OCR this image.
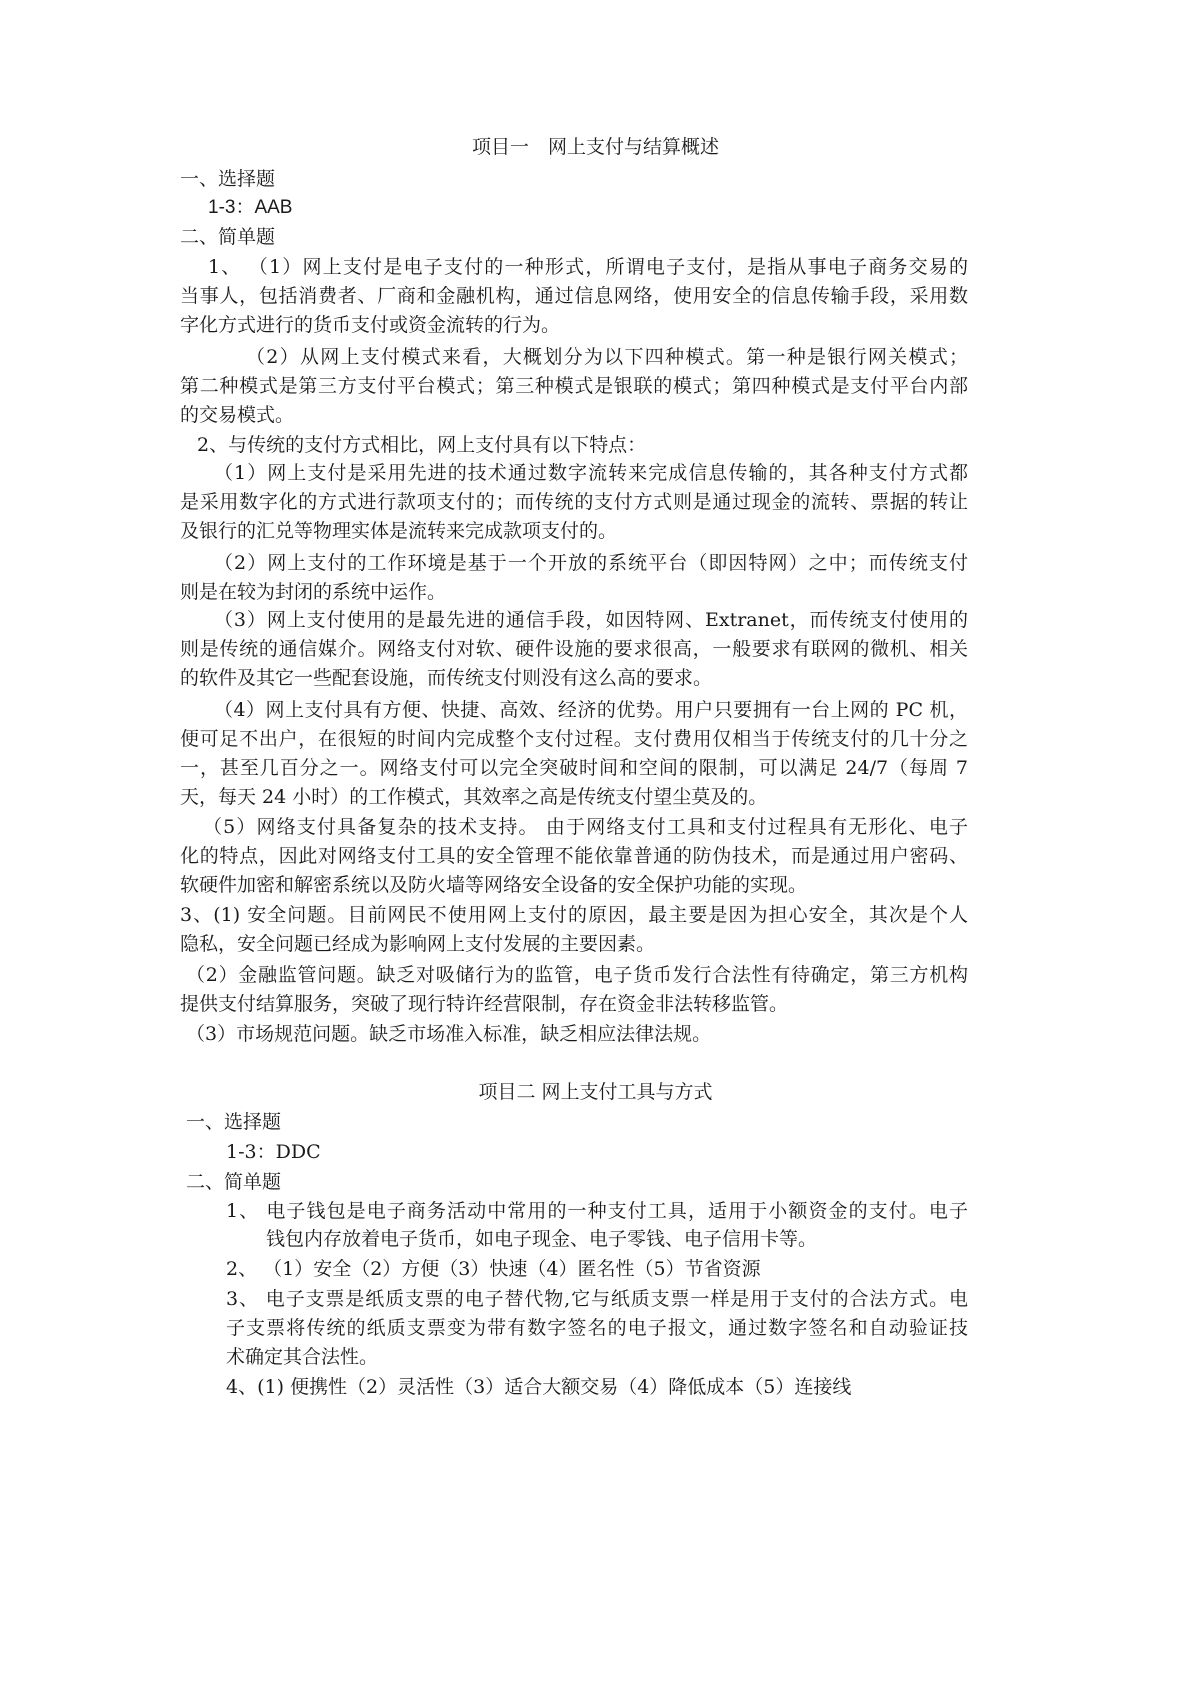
项目一　网上支付与结算概述

一、选择题

1-3：AAB

二、简单题

1、 （1）网上支付是电子支付的一种形式，所谓电子支付，是指从事电子商务交易的

当事人，包括消费者、厂商和金融机构，通过信息网络，使用安全的信息传输手段，采用数

字化方式进行的货币支付或资金流转的行为。

（2）从网上支付模式来看，大概划分为以下四种模式。第一种是银行网关模式；

第二种模式是第三方支付平台模式；第三种模式是银联的模式；第四种模式是支付平台内部

的交易模式。

2、与传统的支付方式相比，网上支付具有以下特点：

（1）网上支付是采用先进的技术通过数字流转来完成信息传输的，其各种支付方式都

是采用数字化的方式进行款项支付的；而传统的支付方式则是通过现金的流转、票据的转让

及银行的汇兑等物理实体是流转来完成款项支付的。

（2）网上支付的工作环境是基于一个开放的系统平台（即因特网）之中；而传统支付

则是在较为封闭的系统中运作。

（3）网上支付使用的是最先进的通信手段，如因特网、Extranet，而传统支付使用的

则是传统的通信媒介。网络支付对软、硬件设施的要求很高，一般要求有联网的微机、相关

的软件及其它一些配套设施，而传统支付则没有这么高的要求。

（4）网上支付具有方便、快捷、高效、经济的优势。用户只要拥有一台上网的 PC 机，

便可足不出户，在很短的时间内完成整个支付过程。支付费用仅相当于传统支付的几十分之

一，甚至几百分之一。网络支付可以完全突破时间和空间的限制，可以满足 24/7（每周 7

天，每天 24 小时）的工作模式，其效率之高是传统支付望尘莫及的。

（5）网络支付具备复杂的技术支持。 由于网络支付工具和支付过程具有无形化、电子

化的特点，因此对网络支付工具的安全管理不能依靠普通的防伪技术，而是通过用户密码、

软硬件加密和解密系统以及防火墙等网络安全设备的安全保护功能的实现。

3、(1) 安全问题。目前网民不使用网上支付的原因，最主要是因为担心安全，其次是个人

隐私，安全问题已经成为影响网上支付发展的主要因素。

（2）金融监管问题。缺乏对吸储行为的监管，电子货币发行合法性有待确定，第三方机构

提供支付结算服务，突破了现行特许经营限制，存在资金非法转移监管。

（3）市场规范问题。缺乏市场准入标准，缺乏相应法律法规。

项目二 网上支付工具与方式

一、选择题

1-3：DDC

二、简单题

1、 电子钱包是电子商务活动中常用的一种支付工具，适用于小额资金的支付。电子

钱包内存放着电子货币，如电子现金、电子零钱、电子信用卡等。

2、 （1）安全（2）方便（3）快速（4）匿名性（5）节省资源

3、 电子支票是纸质支票的电子替代物,它与纸质支票一样是用于支付的合法方式。电

子支票将传统的纸质支票变为带有数字签名的电子报文，通过数字签名和自动验证技

术确定其合法性。

4、(1) 便携性（2）灵活性（3）适合大额交易（4）降低成本（5）连接线
